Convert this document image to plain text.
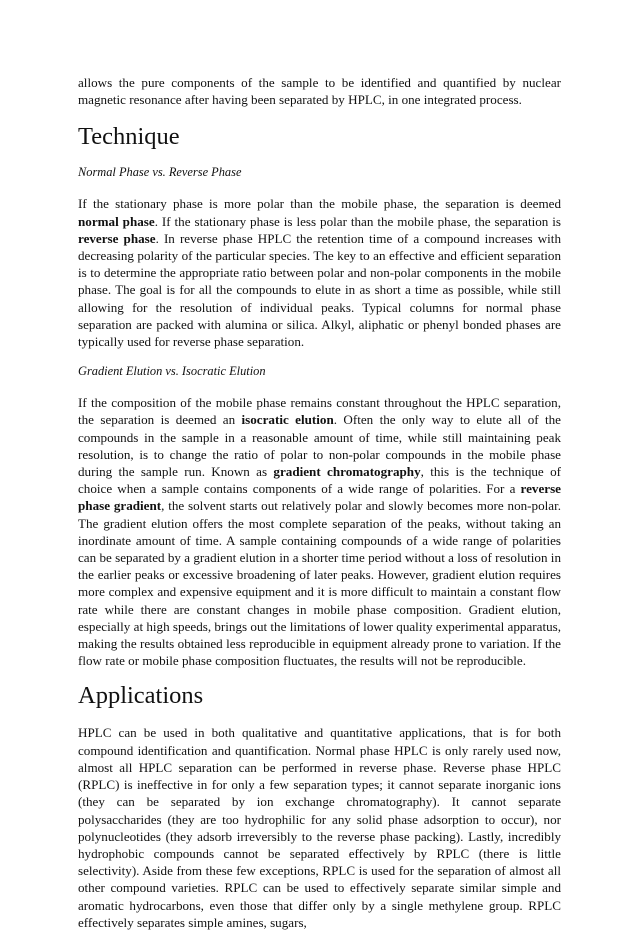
allows the pure components of the sample to be identified and quantified by nuclear magnetic resonance after having been separated by HPLC, in one integrated process.

Technique

Normal Phase vs. Reverse Phase

If the stationary phase is more polar than the mobile phase, the separation is deemed normal phase. If the stationary phase is less polar than the mobile phase, the separation is reverse phase. In reverse phase HPLC the retention time of a compound increases with decreasing polarity of the particular species. The key to an effective and efficient separation is to determine the appropriate ratio between polar and non-polar components in the mobile phase. The goal is for all the compounds to elute in as short a time as possible, while still allowing for the resolution of individual peaks. Typical columns for normal phase separation are packed with alumina or silica. Alkyl, aliphatic or phenyl bonded phases are typically used for reverse phase separation.

Gradient Elution vs. Isocratic Elution

If the composition of the mobile phase remains constant throughout the HPLC separation, the separation is deemed an isocratic elution. Often the only way to elute all of the compounds in the sample in a reasonable amount of time, while still maintaining peak resolution, is to change the ratio of polar to non-polar compounds in the mobile phase during the sample run. Known as gradient chromatography, this is the technique of choice when a sample contains components of a wide range of polarities. For a reverse phase gradient, the solvent starts out relatively polar and slowly becomes more non-polar. The gradient elution offers the most complete separation of the peaks, without taking an inordinate amount of time. A sample containing compounds of a wide range of polarities can be separated by a gradient elution in a shorter time period without a loss of resolution in the earlier peaks or excessive broadening of later peaks. However, gradient elution requires more complex and expensive equipment and it is more difficult to maintain a constant flow rate while there are constant changes in mobile phase composition. Gradient elution, especially at high speeds, brings out the limitations of lower quality experimental apparatus, making the results obtained less reproducible in equipment already prone to variation. If the flow rate or mobile phase composition fluctuates, the results will not be reproducible.

Applications

HPLC can be used in both qualitative and quantitative applications, that is for both compound identification and quantification. Normal phase HPLC is only rarely used now, almost all HPLC separation can be performed in reverse phase. Reverse phase HPLC (RPLC) is ineffective in for only a few separation types; it cannot separate inorganic ions (they can be separated by ion exchange chromatography). It cannot separate polysaccharides (they are too hydrophilic for any solid phase adsorption to occur), nor polynucleotides (they adsorb irreversibly to the reverse phase packing). Lastly, incredibly hydrophobic compounds cannot be separated effectively by RPLC (there is little selectivity). Aside from these few exceptions, RPLC is used for the separation of almost all other compound varieties. RPLC can be used to effectively separate similar simple and aromatic hydrocarbons, even those that differ only by a single methylene group. RPLC effectively separates simple amines, sugars,
